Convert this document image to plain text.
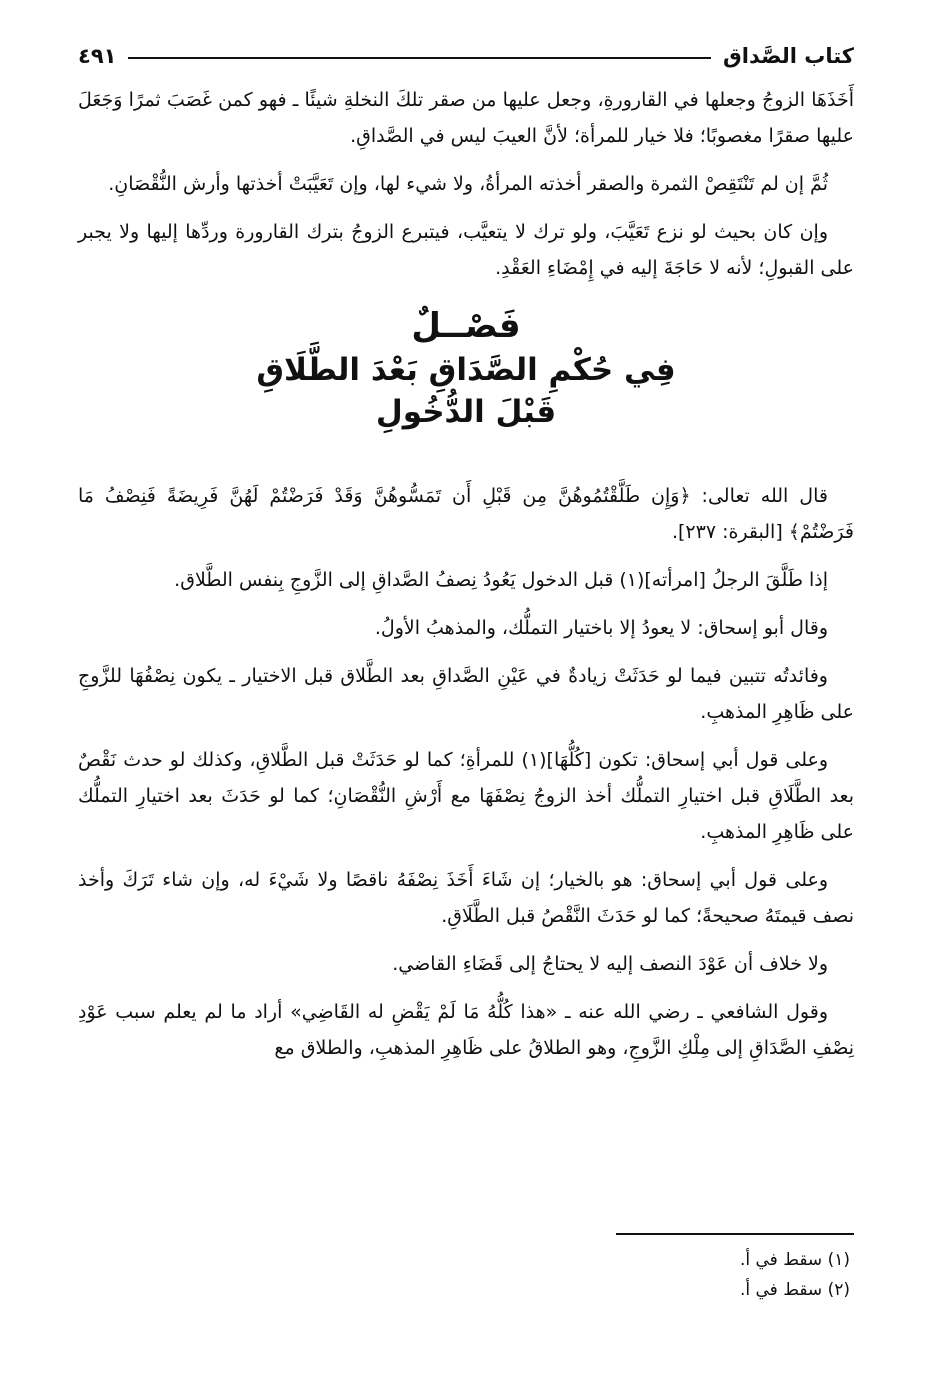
كتاب الصَّداق
٤٩١

أَخَذَهَا الزوجُ وجعلها في القارورةِ، وجعل عليها من صقر تلكَ النخلةِ شيئًا ـ فهو كمن غَصَبَ ثمرًا وَجَعَلَ عليها صقرًا مغصوبًا؛ فلا خيار للمرأة؛ لأنَّ العيبَ ليس في الصَّداقِ.

ثُمَّ إن لم تَنْتَقِصْ الثمرة والصقر أخذته المرأةُ، ولا شيء لها، وإن تَعَيَّبَتْ أخذتها وأرش النُّقْصَانِ.

وإن كان بحيث لو نزع تَعَيَّبَ، ولو ترك لا يتعيَّب، فيتبرع الزوجُ بترك القارورة وردِّها إليها ولا يجبر على القبولِ؛ لأنه لا حَاجَةَ إليه في إِمْضَاءِ العَقْدِ.

فَصْــلٌ
فِي حُكْمِ الصَّدَاقِ بَعْدَ الطَّلَاقِ
قَبْلَ الدُّخُولِ

قال الله تعالى: ﴿وَإِن طَلَّقْتُمُوهُنَّ مِن قَبْلِ أَن تَمَسُّوهُنَّ وَقَدْ فَرَضْتُمْ لَهُنَّ فَرِيضَةً فَنِصْفُ مَا فَرَضْتُمْ﴾ [البقرة: ٢٣٧].

إذا طَلَّقَ الرجلُ [امرأته](١) قبل الدخول يَعُودُ نِصفُ الصَّداقِ إلى الزَّوجِ بِنفس الطَّلاق.

وقال أبو إسحاق: لا يعودُ إلا باختيار التملُّك، والمذهبُ الأولُ.

وفائدتُه تتبين فيما لو حَدَثَتْ زيادةٌ في عَيْنِ الصَّداقِ بعد الطَّلاق قبل الاختيار ـ يكون نِصْفُهَا للزَّوجِ على ظَاهِرِ المذهبِ.

وعلى قول أبي إسحاق: تكون [كُلُّهَا](١) للمرأةِ؛ كما لو حَدَثَتْ قبل الطَّلاقِ، وكذلك لو حدث نَقْصٌ بعد الطَّلَاقِ قبل اختيارِ التملُّك أخذ الزوجُ نِصْفَهَا مع أَرْشِ النُّقْصَانِ؛ كما لو حَدَثَ بعد اختيارِ التملُّك على ظَاهِرِ المذهبِ.

وعلى قول أبي إسحاق: هو بالخيار؛ إن شَاءَ أَخَذَ نِصْفَهُ ناقصًا ولا شَيْءَ له، وإن شاء تَرَكَ وأخذ نصف قيمتَهُ صحيحةً؛ كما لو حَدَثَ النَّقْصُ قبل الطَّلَاقِ.

ولا خلاف أن عَوْدَ النصف إليه لا يحتاجُ إلى قَضَاءِ القاضي.

وقول الشافعي ـ رضي الله عنه ـ «هذا كُلُّهُ مَا لَمْ يَقْضِ له القَاضِي» أراد ما لم يعلم سبب عَوْدِ نِصْفِ الصَّدَاقِ إلى مِلْكِ الزَّوجِ، وهو الطلاقُ على ظَاهِرِ المذهبِ، والطلاق مع

(١) سقط في أ.
(٢) سقط في أ.
